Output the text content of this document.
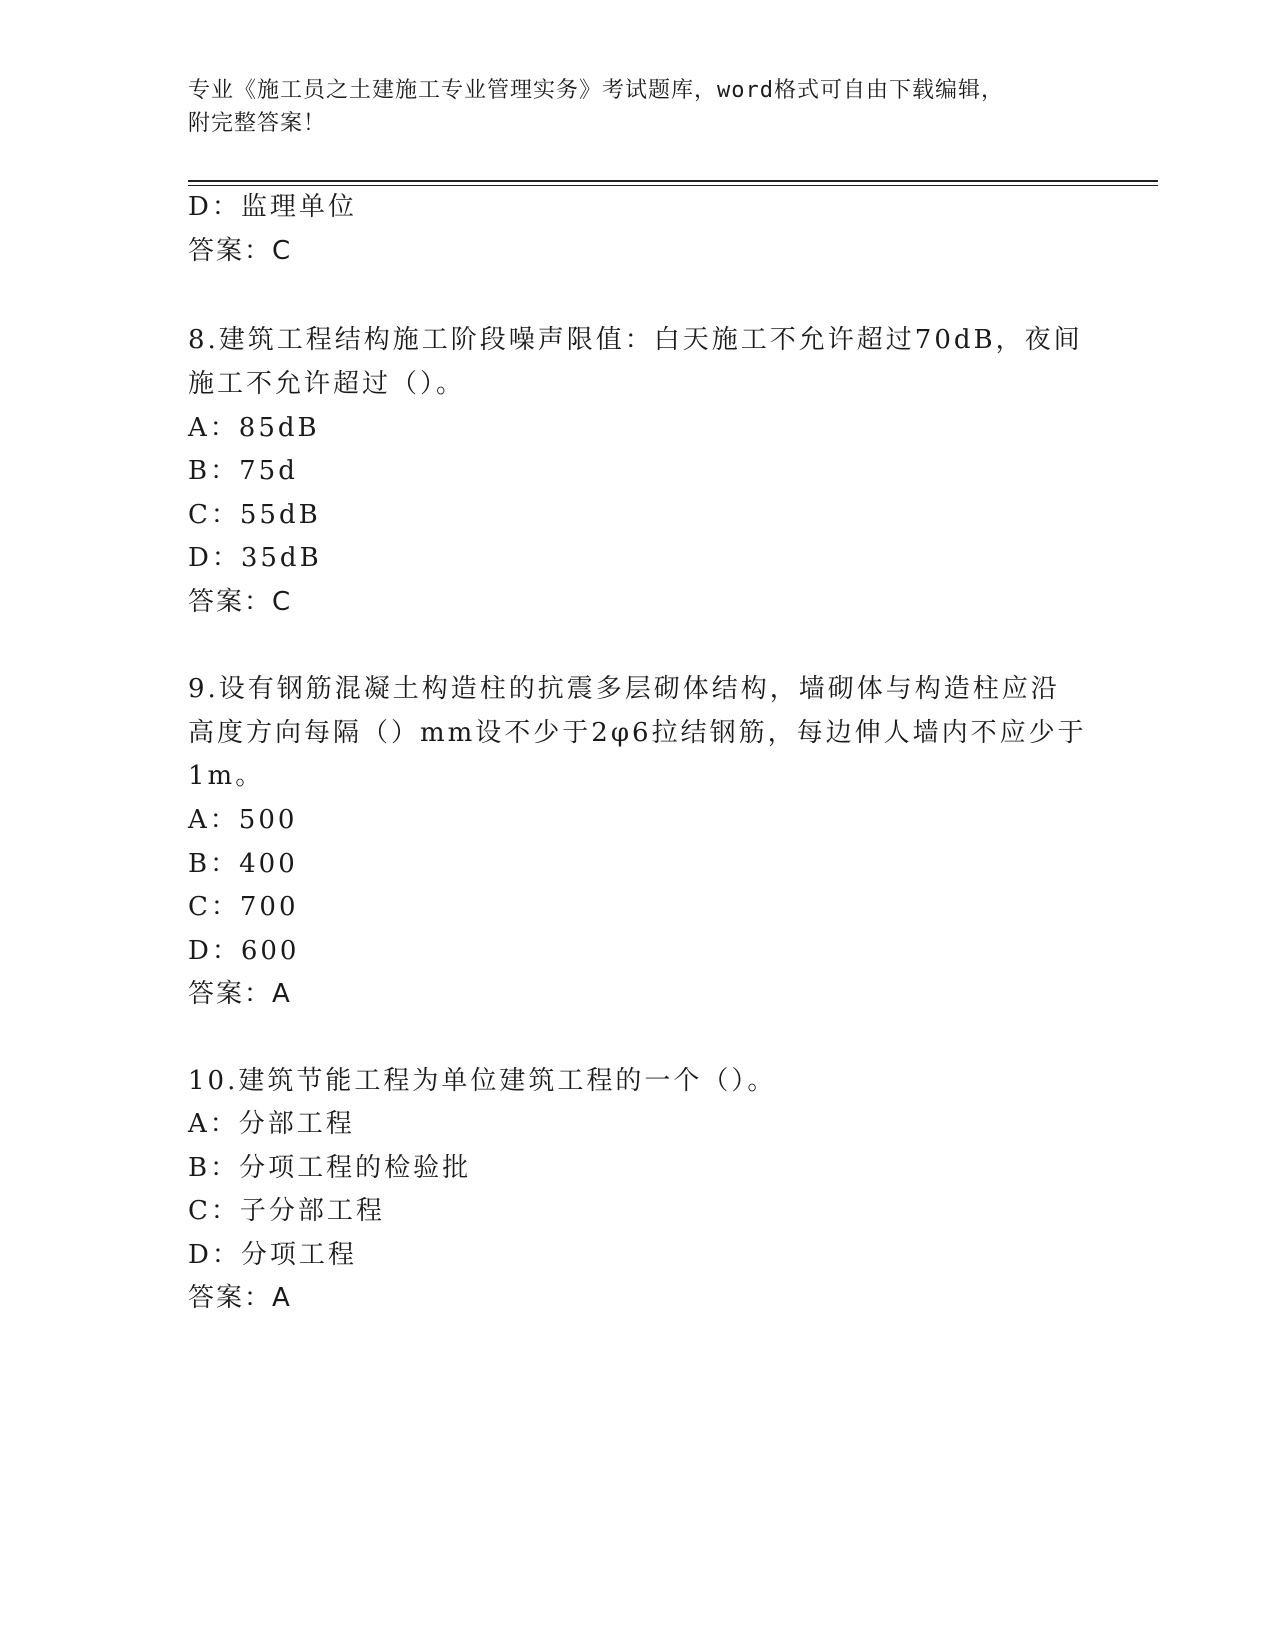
专业《施工员之土建施工专业管理实务》考试题库，word格式可自由下载编辑，
附完整答案！
D：监理单位
答案：C
8.建筑工程结构施工阶段噪声限值：白天施工不允许超过70dB，夜间
施工不允许超过（）。
A：85dB
B：75d
C：55dB
D：35dB
答案：C
9.设有钢筋混凝土构造柱的抗震多层砌体结构，墙砌体与构造柱应沿
高度方向每隔（）mm设不少于2φ6拉结钢筋，每边伸人墙内不应少于
1m。
A：500
B：400
C：700
D：600
答案：A
10.建筑节能工程为单位建筑工程的一个（）。
A：分部工程
B：分项工程的检验批
C：子分部工程
D：分项工程
答案：A
